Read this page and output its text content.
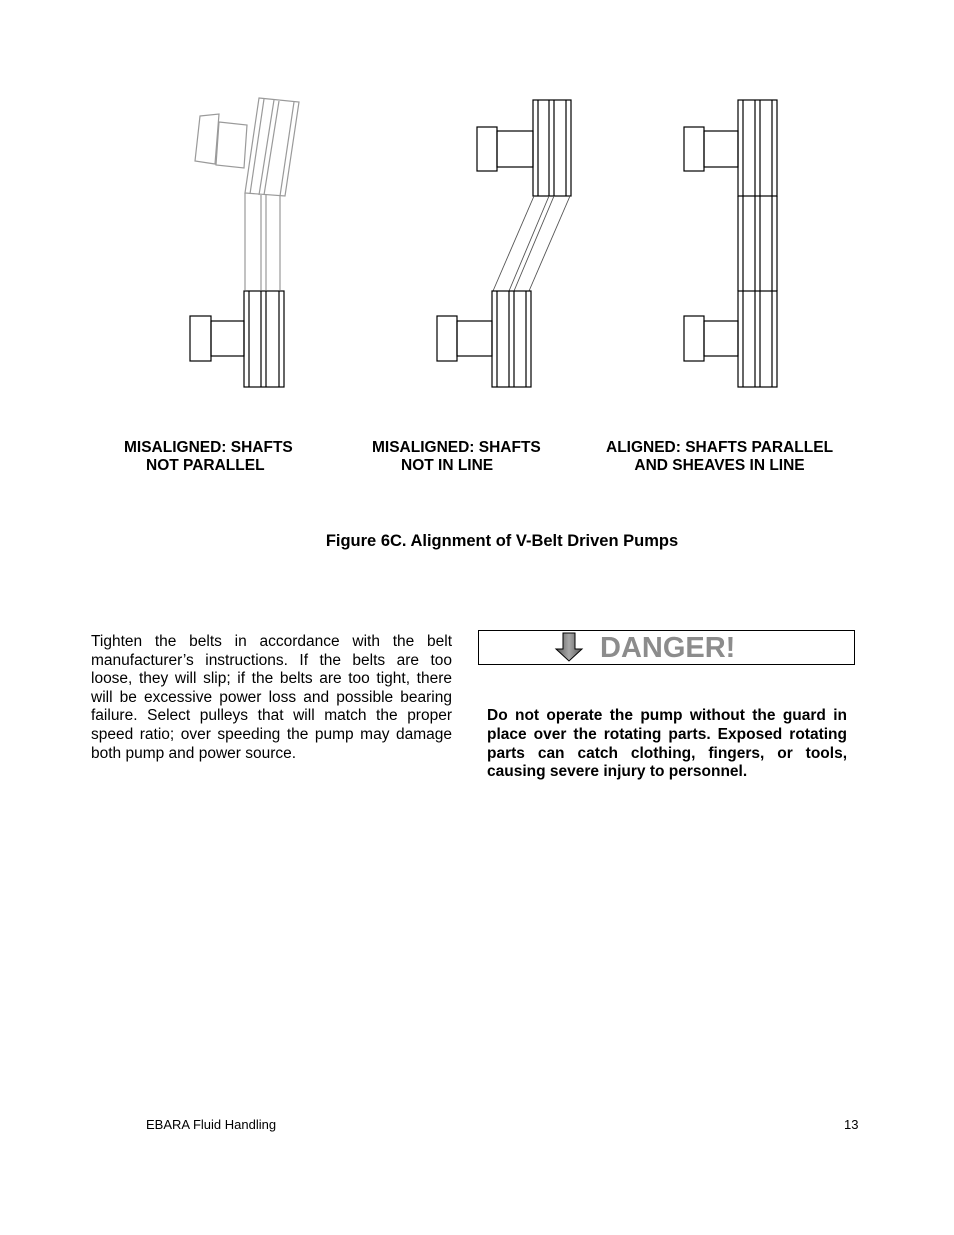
MISALIGNED: SHAFTS
NOT PARALLEL
MISALIGNED: SHAFTS
NOT IN LINE
ALIGNED: SHAFTS PARALLEL
AND SHEAVES IN LINE
Figure 6C. Alignment of V-Belt Driven Pumps
Tighten the belts in accordance with the belt manufacturer’s instructions. If the belts are too loose, they will slip; if the belts are too tight, there will be excessive power loss and possible bearing failure. Select pulleys that will match the proper speed ratio; over speeding the pump may damage both pump and power source.
DANGER!
Do not operate the pump without the guard in place over the rotating parts. Exposed rotating parts can catch clothing, fingers, or tools, causing severe injury to personnel.
EBARA Fluid Handling	13
